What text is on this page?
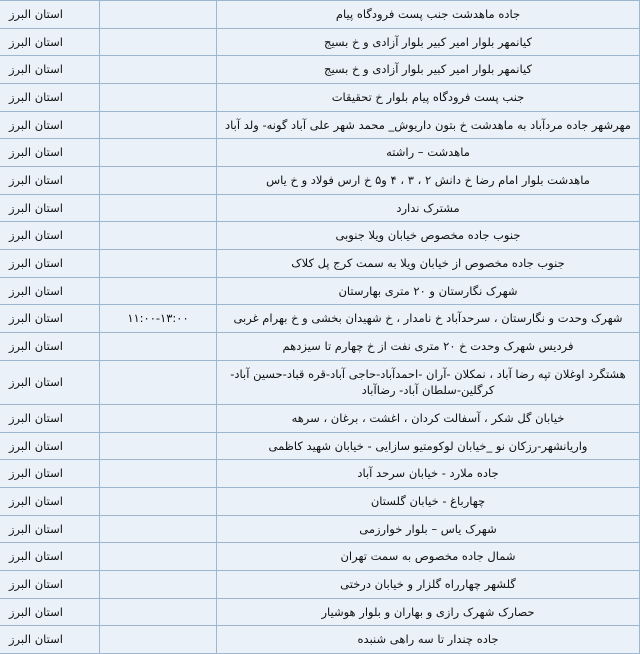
جاده ماهدشت جنب پست فرودگاه پیام		استان البرز
کیانمهر بلوار امیر کبیر بلوار آزادی و خ بسیج		استان البرز
کیانمهر بلوار امیر کبیر بلوار آزادی و خ بسیج		استان البرز
جنب پست فرودگاه پیام بلوار خ تحقیقات		استان البرز
مهرشهر جاده مردآباد به ماهدشت خ بتون داریوش_ محمد شهر علی آباد گونه- ولد آباد		استان البرز
ماهدشت – راشته		استان البرز
ماهدشت بلوار امام رضا خ دانش ۲ ، ۳ ، ۴ و۵ خ ارس فولاد و خ یاس		استان البرز
مشترک ندارد		استان البرز
جنوب جاده مخصوص خیابان ویلا جنوبی		استان البرز
جنوب جاده مخصوص از خیابان ویلا به سمت کرج پل کلاک		استان البرز
شهرک نگارستان و ۲۰ متری بهارستان		استان البرز
شهرک وحدت و نگارستان ، سرحدآباد خ نامدار ، خ شهیدان بخشی و خ بهرام غربی	۱۱:۰۰-۱۳:۰۰	استان البرز
فردیس شهرک وحدت خ ۲۰ متری نفت از خ چهارم تا سیزدهم		استان البرز
هشتگرد اوغلان تپه رضا آباد ، نمکلان -آران -احمدآباد-حاجی آباد-قره قباد-حسین آباد-کرگلین-سلطان آباد- رضاآباد		استان البرز
خیابان گل شکر ، آسفالت کردان ، اغشت ، برغان ، سرهه		استان البرز
واریانشهر-رزکان نو _خیابان لوکومتیو سازایی - خیابان شهید کاظمی		استان البرز
جاده ملارد - خیابان سرحد آباد		استان البرز
چهارباغ - خیابان گلستان		استان البرز
شهرک یاس – بلوار خوارزمی		استان البرز
شمال جاده مخصوص به سمت تهران		استان البرز
گلشهر چهارراه گلزار و خیابان درختی		استان البرز
حصارک شهرک رازی و بهاران و بلوار هوشیار		استان البرز
جاده چندار تا سه راهی شنبده		استان البرز
